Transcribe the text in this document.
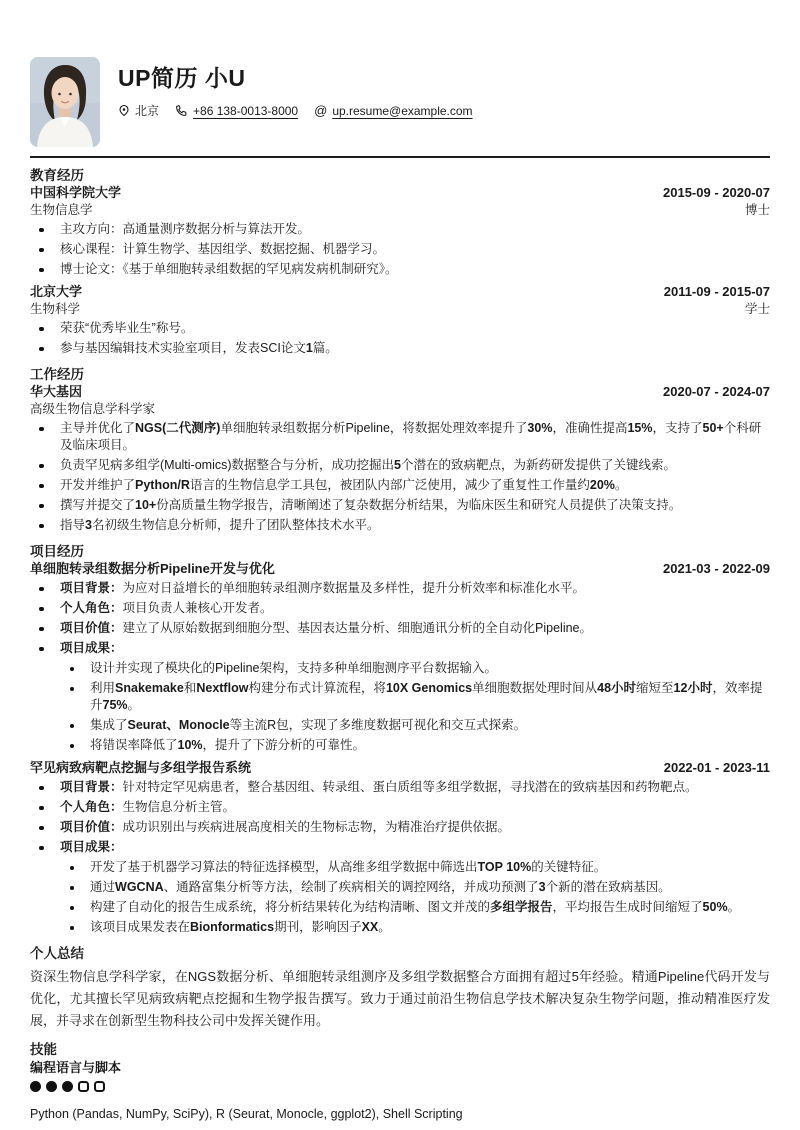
UP简历 小U
北京	+86 138-0013-8000 @ up.resume@example.com
教育经历
中国科学院大学	2015-09 - 2020-07
生物信息学	博士
主攻方向：高通量测序数据分析与算法开发。
核心课程：计算生物学、基因组学、数据挖掘、机器学习。
博士论文：《基于单细胞转录组数据的罕见病发病机制研究》。
北京大学	2011-09 - 2015-07
生物科学	学士
荣获“优秀毕业生”称号。
参与基因编辑技术实验室项目，发表SCI论文1篇。
工作经历
华大基因	2020-07 - 2024-07
高级生物信息学科学家
主导并优化了NGS(二代测序)单细胞转录组数据分析Pipeline，将数据处理效率提升了30%，准确性提高15%，支持了50+个科研及临床项目。
负责罕见病多组学(Multi-omics)数据整合与分析，成功挖掘出5个潜在的致病靶点，为新药研发提供了关键线索。
开发并维护了Python/R语言的生物信息学工具包，被团队内部广泛使用，减少了重复性工作量约20%。
撰写并提交了10+份高质量生物学报告，清晰阐述了复杂数据分析结果，为临床医生和研究人员提供了决策支持。
指导3名初级生物信息分析师，提升了团队整体技术水平。
项目经历
单细胞转录组数据分析Pipeline开发与优化	2021-03 - 2022-09
项目背景：为应对日益增长的单细胞转录组测序数据量及多样性，提升分析效率和标准化水平。
个人角色：项目负责人兼核心开发者。
项目价值：建立了从原始数据到细胞分型、基因表达量分析、细胞通讯分析的全自动化Pipeline。
项目成果：
设计并实现了模块化的Pipeline架构，支持多种单细胞测序平台数据输入。
利用Snakemake和Nextflow构建分布式计算流程，将10X Genomics单细胞数据处理时间从48小时缩短至12小时，效率提升75%。
集成了Seurat、Monocle等主流R包，实现了多维度数据可视化和交互式探索。
将错误率降低了10%，提升了下游分析的可靠性。
罕见病致病靶点挖掘与多组学报告系统	2022-01 - 2023-11
项目背景：针对特定罕见病患者，整合基因组、转录组、蛋白质组等多组学数据，寻找潜在的致病基因和药物靶点。
个人角色：生物信息分析主管。
项目价值：成功识别出与疾病进展高度相关的生物标志物，为精准治疗提供依据。
项目成果：
开发了基于机器学习算法的特征选择模型，从高维多组学数据中筛选出TOP 10%的关键特征。
通过WGCNA、通路富集分析等方法，绘制了疾病相关的调控网络，并成功预测了3个新的潜在致病基因。
构建了自动化的报告生成系统，将分析结果转化为结构清晰、图文并茂的多组学报告，平均报告生成时间缩短了50%。
该项目成果发表在Bionformatics期刊，影响因子XX。
个人总结
资深生物信息学科学家，在NGS数据分析、单细胞转录组测序及多组学数据整合方面拥有超过5年经验。精通Pipeline代码开发与优化，尤其擅长罕见病致病靶点挖掘和生物学报告撰写。致力于通过前沿生物信息学技术解决复杂生物学问题，推动精准医疗发展，并寻求在创新型生物科技公司中发挥关键作用。
技能
编程语言与脚本
Python (Pandas, NumPy, SciPy), R (Seurat, Monocle, ggplot2), Shell Scripting
